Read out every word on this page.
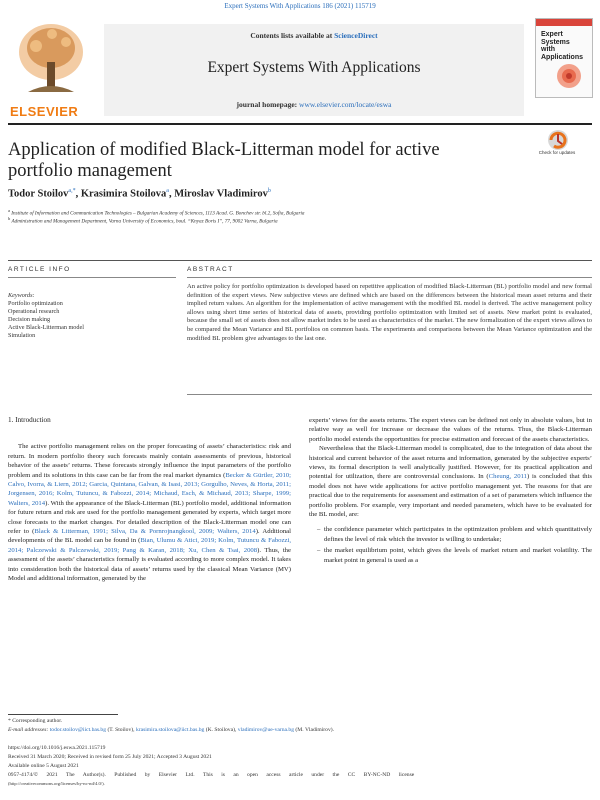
Expert Systems With Applications 186 (2021) 115719
ELSEVIER
Contents lists available at ScienceDirect
Expert Systems With Applications
journal homepage: www.elsevier.com/locate/eswa
Expert Systems with Applications
Check for updates
Application of modified Black-Litterman model for active
portfolio management
Todor Stoilov$^{a,*}$, Krasimira Stoilova$^a$, Miroslav Vladimirov$^b$
$^a$ Institute of Information and Communication Technologies – Bulgarian Academy of Sciences, 1113 Acad. G. Bonchev str. bl.2, Sofia, Bulgaria
$^b$ Administration and Management Department, Varna University of Economics, boul. “Knyaz Boris I”, 77, 9002 Varna, Bulgaria
ARTICLE INFO	ABSTRACT
Keywords:
Portfolio optimization
Operational research
Decision making
Active Black-Litterman model
Simulation
An active policy for portfolio optimization is developed based on repetitive application of modified Black-Litterman (BL) portfolio model and new formal definition of the expert views. New subjective views are defined which are based on the differences between the historical mean asset returns and their implied return values. An algorithm for the implementation of active management with the modified BL model is derived. The active management policy allows using short time series of historical data of assets, providing portfolio optimization with limited set of assets. New market point is evaluated, because the small set of assets does not allow market index to be used as characteristics of the market. The new formalization of the expert views allows to be compared the Mean Variance and BL portfolios on common basis. The experiments and comparisons between the Mean Variance optimization and the modified BL problem give advantages to the last one.
1. Introduction

The active portfolio management relies on the proper forecasting of assets’ characteristics: risk and return. In modern portfolio theory such forecasts mainly contain assessments of previous, historical behavior of the assets’ returns. These forecasts strongly influence the input parameters of the portfolio problem and its solutions in this case can be far from the real market dynamics (Becker & Gürtler, 2010; Calvo, Ivorra, & Liern, 2012; Garcia, Quintana, Galvan, & Isasi, 2013; Gorgulho, Neves, & Horta, 2011; Jorgensen, 2016; Kolm, Tutuncu, & Fabozzi, 2014; Michaud, Esch, & Michaud, 2013; Sharpe, 1999; Walters, 2014). With the appearance of the Black-Litterman (BL) portfolio model, additional information for future return and risk are used for the portfolio management generated by experts, which target more close forecasts to the market changes. For detailed description of the Black-Litterman model one can refer to (Black & Litterman, 1991; Silva, Da & Pornrojnangkool, 2009; Walters, 2014). Additional developments of the BL model can be found in (Bian, Ulumu & Atici, 2019; Kolm, Tutuncu & Fabozzi, 2014; Palczewski & Palczewski, 2019; Pang & Karan, 2018; Xu, Chen & Tsai, 2008). Thus, the assessment of the assets’ characteristics formally is evaluated according to more complex model. It takes into consideration both the historical data of assets’ returns used by the classical Mean Variance (MV) Model and additional information, generated by the

experts’ views for the assets returns. The expert views can be defined not only in absolute values, but in relative way as well for increase or decrease the values of the returns. Thus, the Black-Litterman portfolio model extends the opportunities for precise estimation and forecast of the assets characteristics.

Nevertheless that the Black-Litterman model is complicated, due to the integration of data about the historical and current behavior of the asset returns and information, generated by the subjective experts’ views, its formal description is well analytically justified. However, for its practical application and potential for utilization, there are controversial conclusions. In (Cheung, 2011) is concluded that this model does not have wide applications for active portfolio management yet. The reasons for that are practical due to the requirements for assessment and estimation of a set of parameters which influence the portfolio problem. For example, very important and needed parameters, which have to be evaluated for the BL model, are:

– the confidence parameter which participates in the optimization problem and which quantitatively defines the level of risk which the investor is willing to undertake;
– the market equilibrium point, which gives the levels of market return and market volatility. The market point in general is used as a
* Corresponding author.
E-mail addresses: todor.stoilov@iict.bas.bg (T. Stoilov), krasimira.stoilova@iict.bas.bg (K. Stoilova), vladimirov@ue-varna.bg (M. Vladimirov).
https://doi.org/10.1016/j.eswa.2021.115719
Received 31 March 2020; Received in revised form 25 July 2021; Accepted 3 August 2021
Available online 5 August 2021
0957-4174/© 2021 The Author(s). Published by Elsevier Ltd. This is an open access article under the CC BY-NC-ND license
(http://creativecommons.org/licenses/by-nc-nd/4.0/).
